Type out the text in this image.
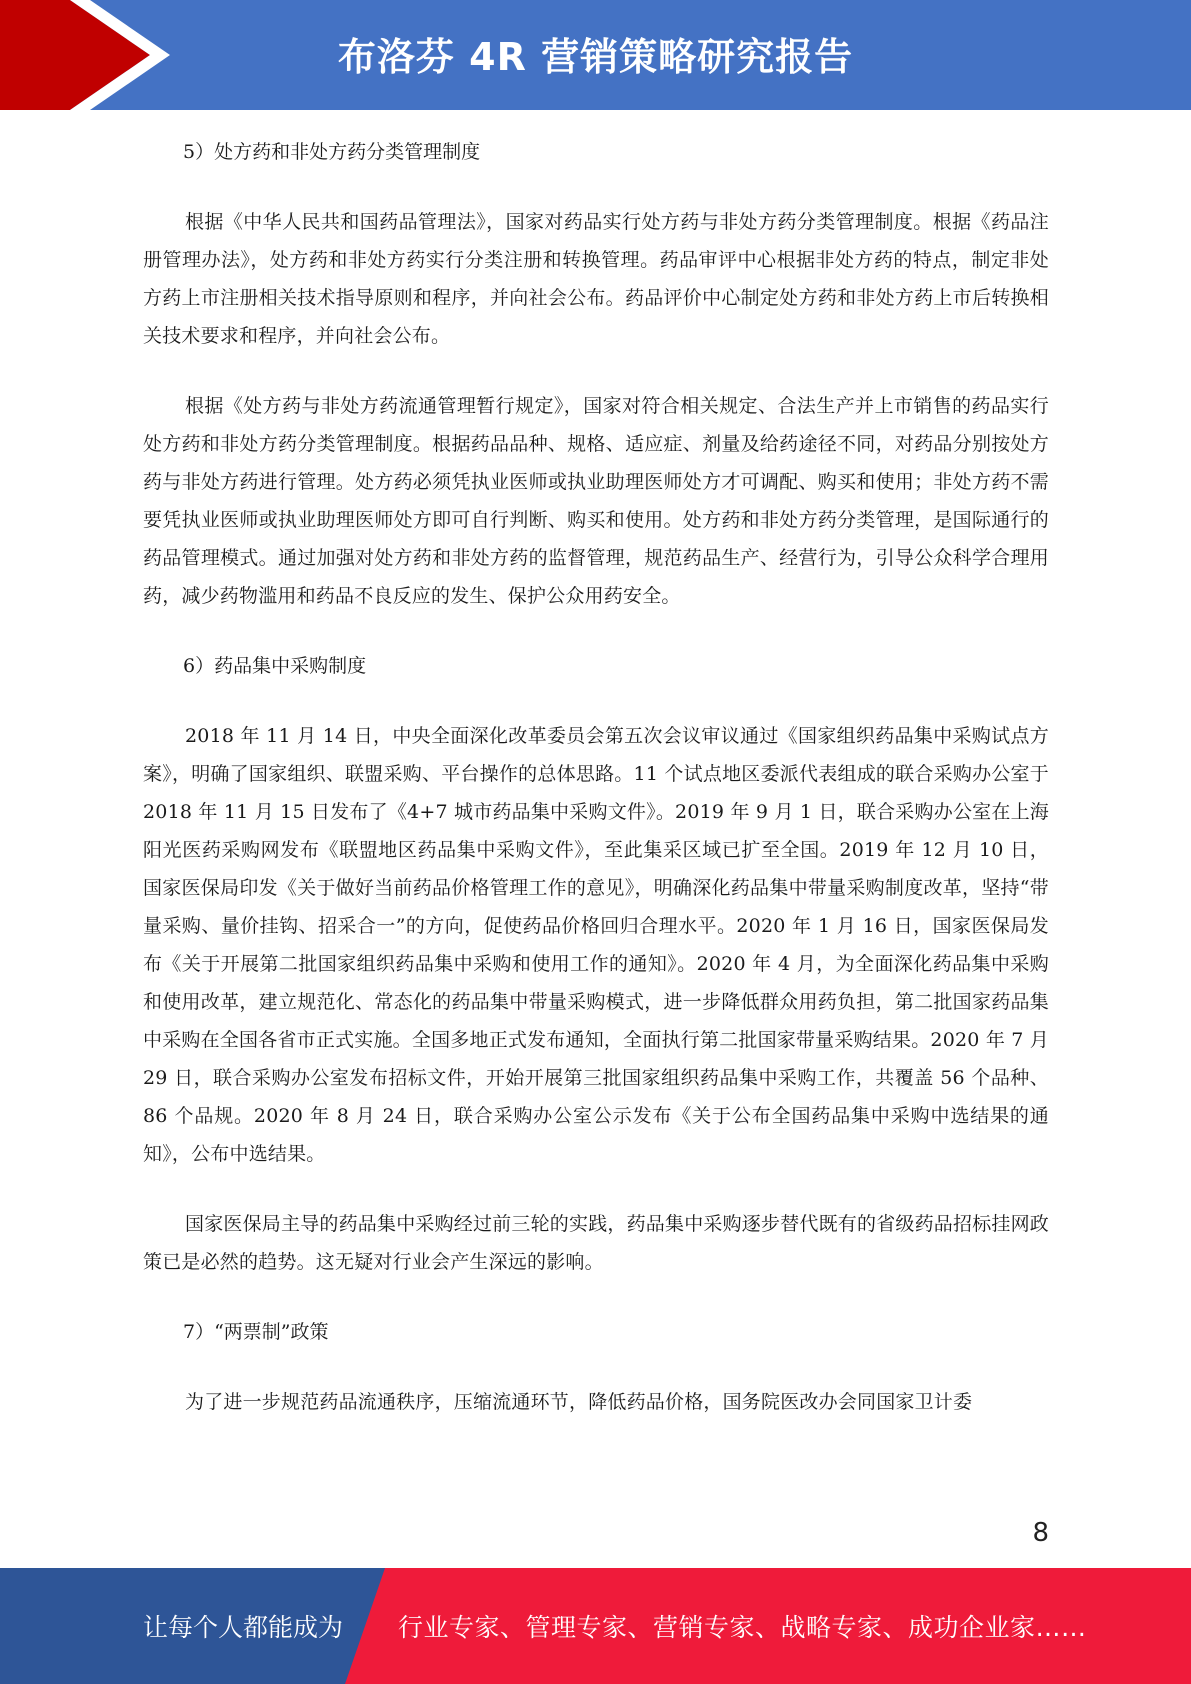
布洛芬 4R 营销策略研究报告

5）处方药和非处方药分类管理制度

根据《中华人民共和国药品管理法》，国家对药品实行处方药与非处方药分类管理制度。根据《药品注册管理办法》，处方药和非处方药实行分类注册和转换管理。药品审评中心根据非处方药的特点，制定非处方药上市注册相关技术指导原则和程序，并向社会公布。药品评价中心制定处方药和非处方药上市后转换相关技术要求和程序，并向社会公布。

根据《处方药与非处方药流通管理暂行规定》，国家对符合相关规定、合法生产并上市销售的药品实行处方药和非处方药分类管理制度。根据药品品种、规格、适应症、剂量及给药途径不同，对药品分别按处方药与非处方药进行管理。处方药必须凭执业医师或执业助理医师处方才可调配、购买和使用；非处方药不需要凭执业医师或执业助理医师处方即可自行判断、购买和使用。处方药和非处方药分类管理，是国际通行的药品管理模式。通过加强对处方药和非处方药的监督管理，规范药品生产、经营行为，引导公众科学合理用药，减少药物滥用和药品不良反应的发生、保护公众用药安全。

6）药品集中采购制度

2018 年 11 月 14 日，中央全面深化改革委员会第五次会议审议通过《国家组织药品集中采购试点方案》，明确了国家组织、联盟采购、平台操作的总体思路。11 个试点地区委派代表组成的联合采购办公室于 2018 年 11 月 15 日发布了《4+7 城市药品集中采购文件》。2019 年 9 月 1 日，联合采购办公室在上海阳光医药采购网发布《联盟地区药品集中采购文件》，至此集采区域已扩至全国。2019 年 12 月 10 日，国家医保局印发《关于做好当前药品价格管理工作的意见》，明确深化药品集中带量采购制度改革，坚持“带量采购、量价挂钩、招采合一”的方向，促使药品价格回归合理水平。2020 年 1 月 16 日，国家医保局发布《关于开展第二批国家组织药品集中采购和使用工作的通知》。2020 年 4 月，为全面深化药品集中采购和使用改革，建立规范化、常态化的药品集中带量采购模式，进一步降低群众用药负担，第二批国家药品集中采购在全国各省市正式实施。全国多地正式发布通知，全面执行第二批国家带量采购结果。2020 年 7 月 29 日，联合采购办公室发布招标文件，开始开展第三批国家组织药品集中采购工作，共覆盖 56 个品种、86 个品规。2020 年 8 月 24 日，联合采购办公室公示发布《关于公布全国药品集中采购中选结果的通知》，公布中选结果。

国家医保局主导的药品集中采购经过前三轮的实践，药品集中采购逐步替代既有的省级药品招标挂网政策已是必然的趋势。这无疑对行业会产生深远的影响。

7）“两票制”政策

为了进一步规范药品流通秩序，压缩流通环节，降低药品价格，国务院医改办会同国家卫计委

8
让每个人都能成为 行业专家、管理专家、营销专家、战略专家、成功企业家……
